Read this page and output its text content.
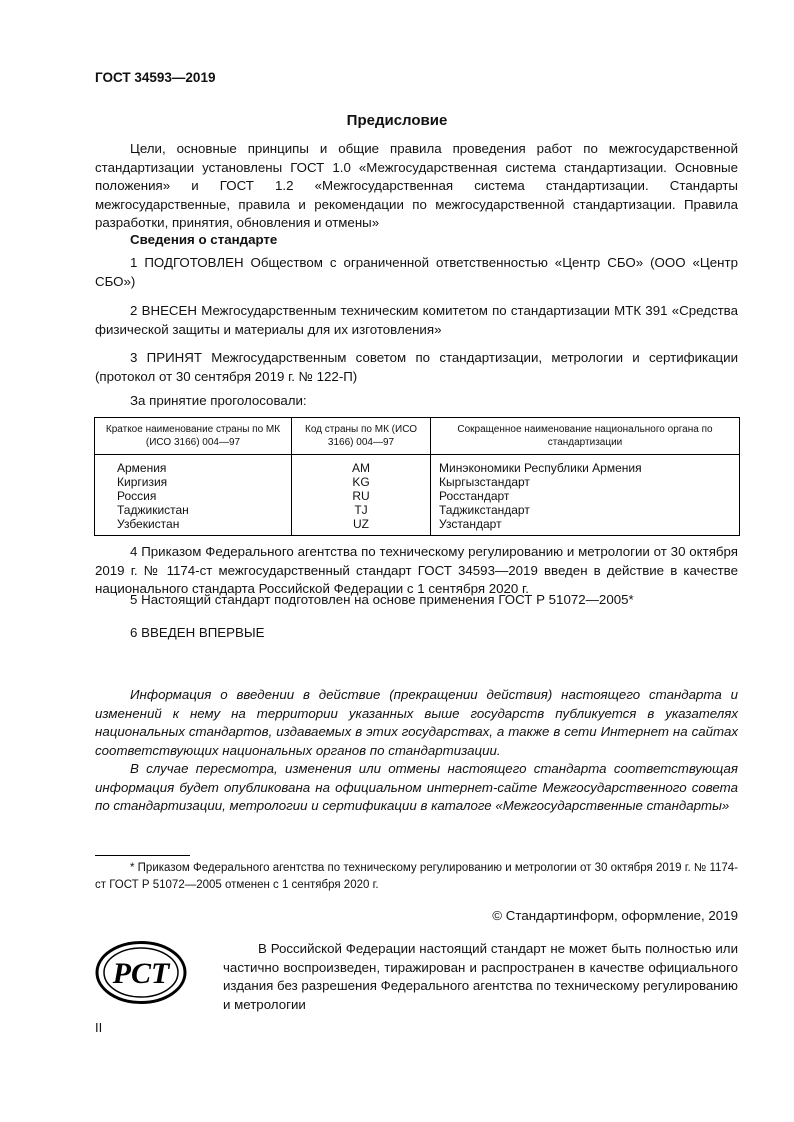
ГОСТ 34593—2019
Предисловие
Цели, основные принципы и общие правила проведения работ по межгосударственной стандартизации установлены ГОСТ 1.0 «Межгосударственная система стандартизации. Основные положения» и ГОСТ 1.2 «Межгосударственная система стандартизации. Стандарты межгосударственные, правила и рекомендации по межгосударственной стандартизации. Правила разработки, принятия, обновления и отмены»
Сведения о стандарте
1 ПОДГОТОВЛЕН Обществом с ограниченной ответственностью «Центр СБО» (ООО «Центр СБО»)
2 ВНЕСЕН Межгосударственным техническим комитетом по стандартизации МТК 391 «Средства физической защиты и материалы для их изготовления»
3 ПРИНЯТ Межгосударственным советом по стандартизации, метрологии и сертификации (протокол от 30 сентября 2019 г. № 122-П)
За принятие проголосовали:
Краткое наименование страны по МК (ИСО 3166) 004—97	Код страны по МК (ИСО 3166) 004—97	Сокращенное наименование национального органа по стандартизации
Армения	AM	Минэкономики Республики Армения
Киргизия	KG	Кыргызстандарт
Россия	RU	Росстандарт
Таджикистан	TJ	Таджикстандарт
Узбекистан	UZ	Узстандарт
4 Приказом Федерального агентства по техническому регулированию и метрологии от 30 октября 2019 г. № 1174-ст межгосударственный стандарт ГОСТ 34593—2019 введен в действие в качестве национального стандарта Российской Федерации с 1 сентября 2020 г.
5 Настоящий стандарт подготовлен на основе применения ГОСТ Р 51072—2005*
6 ВВЕДЕН ВПЕРВЫЕ
Информация о введении в действие (прекращении действия) настоящего стандарта и изменений к нему на территории указанных выше государств публикуется в указателях национальных стандартов, издаваемых в этих государствах, а также в сети Интернет на сайтах соответствующих национальных органов по стандартизации.
В случае пересмотра, изменения или отмены настоящего стандарта соответствующая информация будет опубликована на официальном интернет-сайте Межгосударственного совета по стандартизации, метрологии и сертификации в каталоге «Межгосударственные стандарты»
* Приказом Федерального агентства по техническому регулированию и метрологии от 30 октября 2019 г. № 1174-ст ГОСТ Р 51072—2005 отменен с 1 сентября 2020 г.
© Стандартинформ, оформление, 2019
РСТ
В Российской Федерации настоящий стандарт не может быть полностью или частично воспроизведен, тиражирован и распространен в качестве официального издания без разрешения Федерального агентства по техническому регулированию и метрологии
II
